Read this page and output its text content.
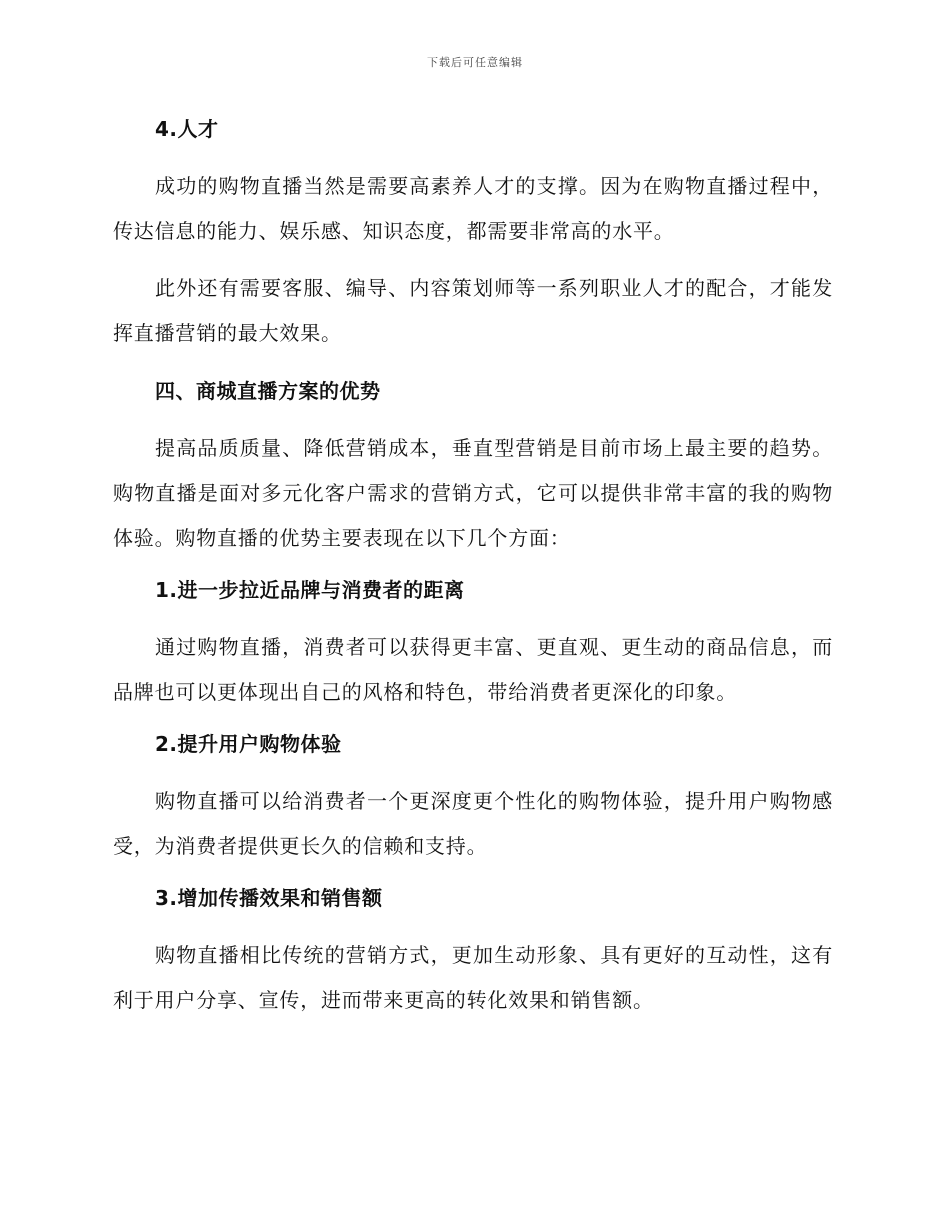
下载后可任意编辑

4.人才

成功的购物直播当然是需要高素养人才的支撑。因为在购物直播过程中，传达信息的能力、娱乐感、知识态度，都需要非常高的水平。

此外还有需要客服、编导、内容策划师等一系列职业人才的配合，才能发挥直播营销的最大效果。

四、商城直播方案的优势

提高品质质量、降低营销成本，垂直型营销是目前市场上最主要的趋势。购物直播是面对多元化客户需求的营销方式，它可以提供非常丰富的我的购物体验。购物直播的优势主要表现在以下几个方面：

1.进一步拉近品牌与消费者的距离

通过购物直播，消费者可以获得更丰富、更直观、更生动的商品信息，而品牌也可以更体现出自己的风格和特色，带给消费者更深化的印象。

2.提升用户购物体验

购物直播可以给消费者一个更深度更个性化的购物体验，提升用户购物感受，为消费者提供更长久的信赖和支持。

3.增加传播效果和销售额

购物直播相比传统的营销方式，更加生动形象、具有更好的互动性，这有利于用户分享、宣传，进而带来更高的转化效果和销售额。
